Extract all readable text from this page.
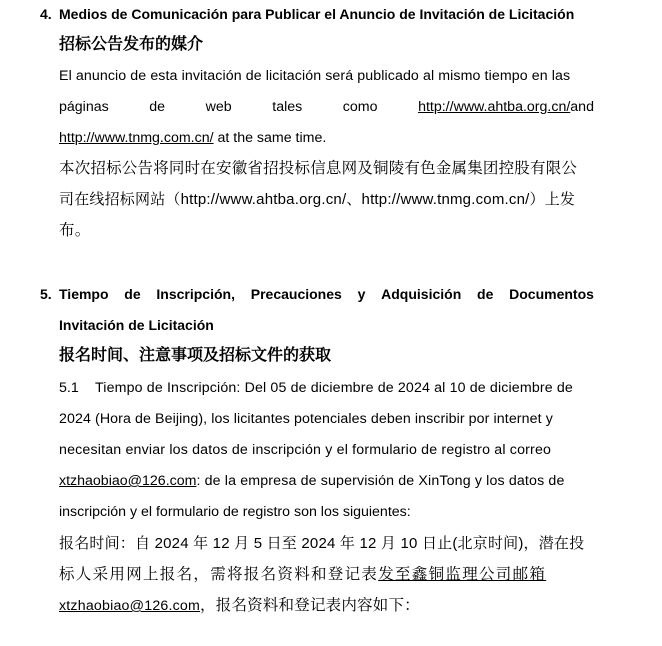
4. Medios de Comunicación para Publicar el Anuncio de Invitación de Licitación
招标公告发布的媒介
El anuncio de esta invitación de licitación será publicado al mismo tiempo en las
páginas	de	web	tales	como	http://www.ahtba.org.cn/and
http://www.tnmg.com.cn/ at the same time.
本次招标公告将同时在安徽省招投标信息网及铜陵有色金属集团控股有限公
司在线招标网站（http://www.ahtba.org.cn/、http://www.tnmg.com.cn/）上发
布。
5. Tiempo de Inscripción, Precauciones y Adquisición de Documentos
Invitación de Licitación
报名时间、注意事项及招标文件的获取
5.1 Tiempo de Inscripción: Del 05 de diciembre de 2024 al 10 de diciembre de
2024 (Hora de Beijing), los licitantes potenciales deben inscribir por internet y
necesitan enviar los datos de inscripción y el formulario de registro al correo
xtzhaobiao@126.com: de la empresa de supervisión de XinTong y los datos de
inscripción y el formulario de registro son los siguientes:
报名时间：自 2024 年 12 月 5 日至 2024 年 12 月 10 日止(北京时间)，潜在投
标人采用网上报名，需将报名资料和登记表发至鑫铜监理公司邮箱
xtzhaobiao@126.com，报名资料和登记表内容如下：
